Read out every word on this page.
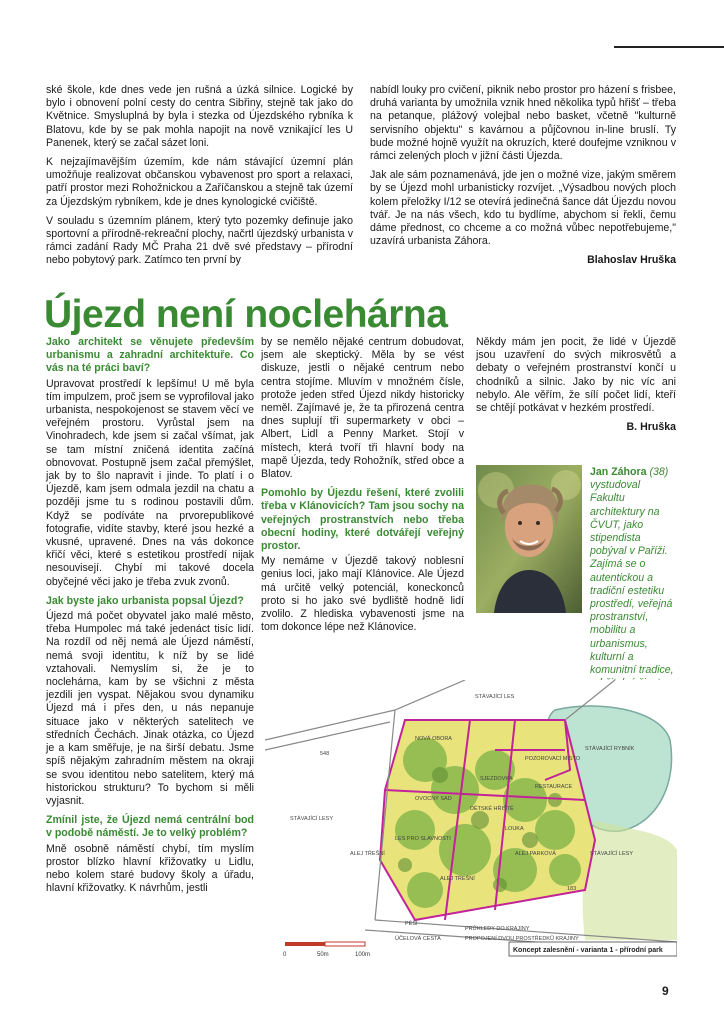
ské škole, kde dnes vede jen rušná a úzká silnice. Logické by bylo i obnovení polní cesty do centra Sibřiny, stejně tak jako do Květnice. Smysluplná by byla i stezka od Újezdského rybníka k Blatovu, kde by se pak mohla napojit na nově vznikající les U Panenek, který se začal sázet loni.

K nejzajímavějším územím, kde nám stávající územní plán umožňuje realizovat občanskou vybavenost pro sport a relaxaci, patří prostor mezi Rohožnickou a Zaříčanskou a stejně tak území za Újezdským rybníkem, kde je dnes kynologické cvičiště.

V souladu s územním plánem, který tyto pozemky definuje jako sportovní a přírodně-rekreační plochy, načrtl újezdský urbanista v rámci zadání Rady MČ Praha 21 dvě své představy – přírodní nebo pobytový park. Zatímco ten první by

nabídl louky pro cvičení, piknik nebo prostor pro házení s frisbee, druhá varianta by umožnila vznik hned několika typů hřišť – třeba na petanque, plážový volejbal nebo basket, včetně "kulturně servisního objektu" s kavárnou a půjčovnou in-line bruslí. Ty bude možné hojně využít na okruzích, které doufejme vzniknou v rámci zelených ploch v jižní části Újezda.

Jak ale sám poznamenává, jde jen o možné vize, jakým směrem by se Újezd mohl urbanisticky rozvíjet. „Výsadbou nových ploch kolem přeložky I/12 se otevírá jedinečná šance dát Újezdu novou tvář. Je na nás všech, kdo tu bydlíme, abychom si řekli, čemu dáme přednost, co chceme a co možná vůbec nepotřebujeme," uzavírá urbanista Záhora.

Blahoslav Hruška
Újezd není noclehárna
Jako architekt se věnujete především urbanismu a zahradní architektuře. Co vás na té práci baví?

Upravovat prostředí k lepšímu! U mě byla tím impulzem, proč jsem se vyprofiloval jako urbanista, nespokojenost se stavem věcí ve veřejném prostoru. Vyrůstal jsem na Vinohradech, kde jsem si začal všímat, jak se tam místní zničená identita začíná obnovovat. Postupně jsem začal přemýšlet, jak by to šlo napravit i jinde. To platí i o Újezdě, kam jsem odmala jezdil na chatu a později jsme tu s rodinou postavili dům. Když se podíváte na prvorepublikové fotografie, vidíte stavby, které jsou hezké a vkusné, upravené. Dnes na vás dokonce křičí věci, které s estetikou prostředí nijak nesouvisejí. Chybí mi takové docela obyčejné věci jako je třeba zvuk zvonů.

Jak byste jako urbanista popsal Újezd?

Újezd má počet obyvatel jako malé město, třeba Humpolec má také jedenáct tisíc lidí. Na rozdíl od něj nemá ale Újezd náměstí, nemá svoji identitu, k níž by se lidé vztahovali. Nemyslím si, že je to noclehárna, kam by se všichni z města jezdili jen vyspat. Nějakou svou dynamiku Újezd má i přes den, u nás nepanuje situace jako v některých satelitech ve středních Čechách. Jinak otázka, co Újezd je a kam směřuje, je na širší debatu. Jsme spíš nějakým zahradním městem na okraji se svou identitou nebo satelitem, který má historickou strukturu? To bychom si měli vyjasnit.

Zmínil jste, že Újezd nemá centrální bod v podobě náměstí. Je to velký problém?

Mně osobně náměstí chybí, tím myslím prostor blízko hlavní křižovatky u Lidlu, nebo kolem staré budovy školy a úřadu, hlavní křižovatky. K návrhům, jestli

by se nemělo nějaké centrum dobudovat, jsem ale skeptický. Měla by se vést diskuze, jestli o nějaké centrum nebo centra stojíme. Mluvím v množném čísle, protože jeden střed Újezd nikdy historicky neměl. Zajímavé je, že ta přirozená centra dnes suplují tři supermarkety v obci – Albert, Lidl a Penny Market. Stojí v místech, která tvoří tři hlavní body na mapě Újezda, tedy Rohožník, střed obce a Blatov.

Pomohlo by Újezdu řešení, které zvolili třeba v Klánovicích? Tam jsou sochy na veřejných prostranstvích nebo třeba obecní hodiny, které dotvářejí veřejný prostor.

My nemáme v Újezdě takový noblesní genius loci, jako mají Klánovice. Ale Újezd má určitě velký potenciál, koneckonců proto si ho jako své bydliště hodně lidí zvolilo. Z hlediska vybavenosti jsme na tom dokonce lépe než Klánovice.

Někdy mám jen pocit, že lidé v Újezdě jsou uzavření do svých mikrosvětů a debaty o veřejném prostranství končí u chodníků a silnic. Jako by nic víc ani nebylo. Ale věřím, že sílí počet lidí, kteří se chtějí potkávat v hezkém prostředí.

B. Hruška
Jan Záhora (38) vystudoval Fakultu architektury na ČVUT, jako stipendista pobýval v Paříži. Zajímá se o autentickou a tradiční estetiku prostředí, veřejná prostranství, mobilitu a urbanismus, kulturní a komunitní tradice,
0	50m	100m
STÁVAJÍCÍ LES
STÁVAJÍCÍ RYBNÍK
NOVÁ OBORA
SJEZDOVKA
OVOCNÝ SAD
LOUKA
RESTAURACE
STÁVAJÍCÍ LESY
STÁVAJÍCÍ LESY
ALEJ TŘEŠNÍ
ALEJ TŘEŠNÍ
POZOROVACÍ MÍSTO
PRŮHLEDY DO KRAJINY
LES PRO SLAVNOSTI
ALEJ PARKOVÁ
DĚTSKÉ HŘIŠTĚ
PĚŠÍ
ÚČELOVÁ CESTA	PROPOJENÍ DVOU PROSTŘEDKŮ KRAJINY
548
183
Koncept zalesnění - varianta 1 - přírodní park
9
